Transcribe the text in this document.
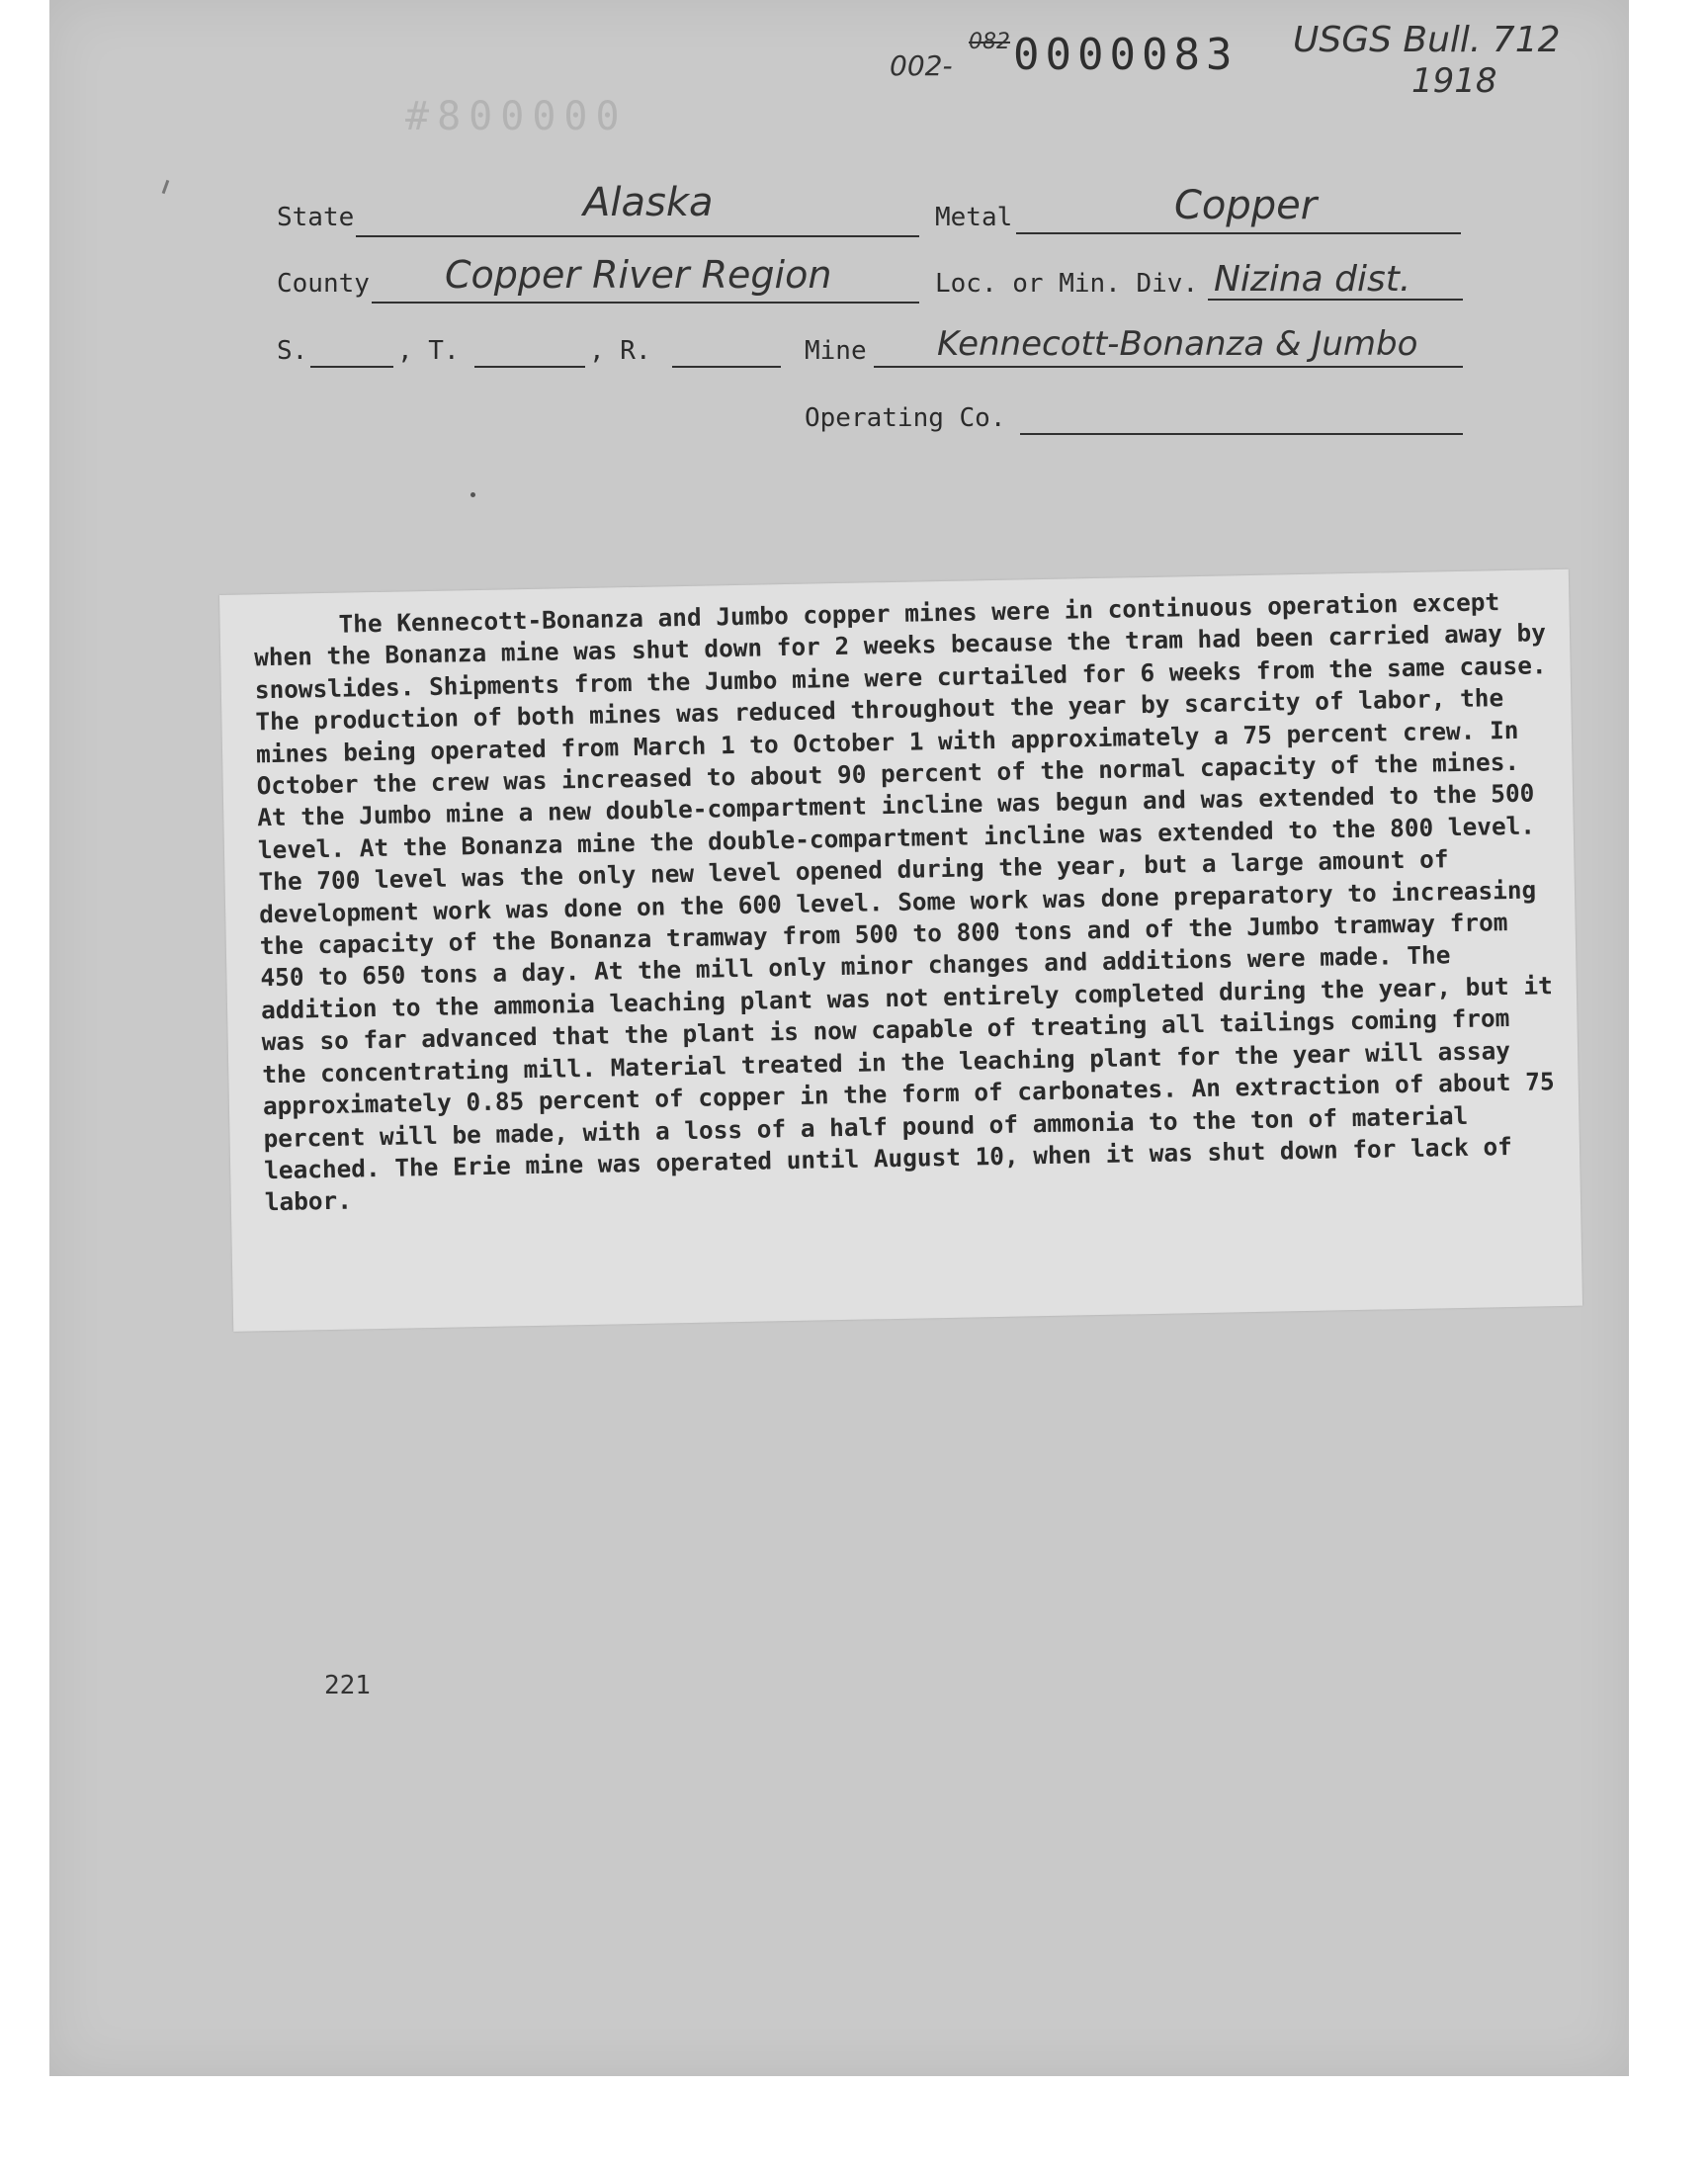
002-
082 0000083
#800000
USGS Bull. 712
1918
State	Alaska	Metal	Copper
County Copper River Region	Loc. or Min. Div. Nizina dist.
S.	, T.	, R.	Mine Kennecott-Bonanza & Jumbo
Operating Co.
The Kennecott-Bonanza and Jumbo copper mines were in continuous operation except when the Bonanza mine was shut down for 2 weeks because the tram had been carried away by snowslides. Shipments from the Jumbo mine were curtailed for 6 weeks from the same cause. The production of both mines was reduced throughout the year by scarcity of labor, the mines being operated from March 1 to October 1 with approximately a 75 percent crew. In October the crew was increased to about 90 percent of the normal capacity of the mines. At the Jumbo mine a new double-compartment incline was begun and was extended to the 500 level. At the Bonanza mine the double-compartment incline was extended to the 800 level. The 700 level was the only new level opened during the year, but a large amount of development work was done on the 600 level. Some work was done preparatory to increasing the capacity of the Bonanza tramway from 500 to 800 tons and of the Jumbo tramway from 450 to 650 tons a day. At the mill only minor changes and additions were made. The addition to the ammonia leaching plant was not entirely completed during the year, but it was so far advanced that the plant is now capable of treating all tailings coming from the concentrating mill. Material treated in the leaching plant for the year will assay approximately 0.85 percent of copper in the form of carbonates. An extraction of about 75 percent will be made, with a loss of a half pound of ammonia to the ton of material leached. The Erie mine was operated until August 10, when it was shut down for lack of labor.
221
